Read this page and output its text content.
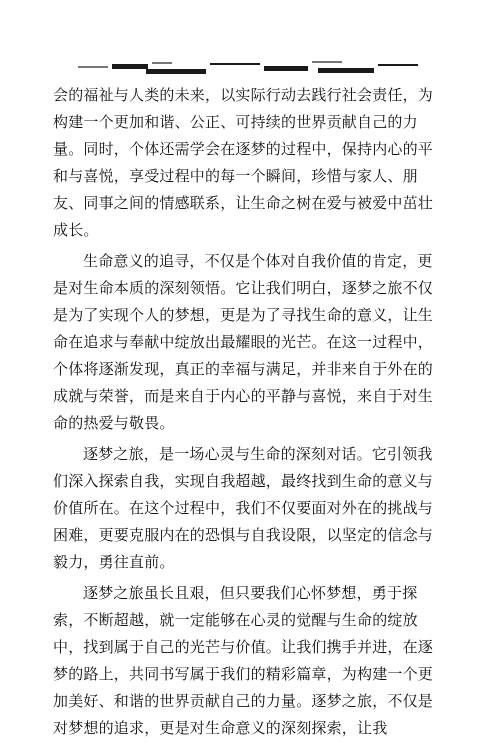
会的福祉与人类的未来，以实际行动去践行社会责任，为构建一个更加和谐、公正、可持续的世界贡献自己的力量。同时，个体还需学会在逐梦的过程中，保持内心的平和与喜悦，享受过程中的每一个瞬间，珍惜与家人、朋友、同事之间的情感联系，让生命之树在爱与被爱中茁壮成长。

生命意义的追寻，不仅是个体对自我价值的肯定，更是对生命本质的深刻领悟。它让我们明白，逐梦之旅不仅是为了实现个人的梦想，更是为了寻找生命的意义，让生命在追求与奉献中绽放出最耀眼的光芒。在这一过程中，个体将逐渐发现，真正的幸福与满足，并非来自于外在的成就与荣誉，而是来自于内心的平静与喜悦，来自于对生命的热爱与敬畏。

逐梦之旅，是一场心灵与生命的深刻对话。它引领我们深入探索自我，实现自我超越，最终找到生命的意义与价值所在。在这个过程中，我们不仅要面对外在的挑战与困难，更要克服内在的恐惧与自我设限，以坚定的信念与毅力，勇往直前。

逐梦之旅虽长且艰，但只要我们心怀梦想，勇于探索，不断超越，就一定能够在心灵的觉醒与生命的绽放中，找到属于自己的光芒与价值。让我们携手并进，在逐梦的路上，共同书写属于我们的精彩篇章，为构建一个更加美好、和谐的世界贡献自己的力量。逐梦之旅，不仅是对梦想的追求，更是对生命意义的深刻探索，让我
